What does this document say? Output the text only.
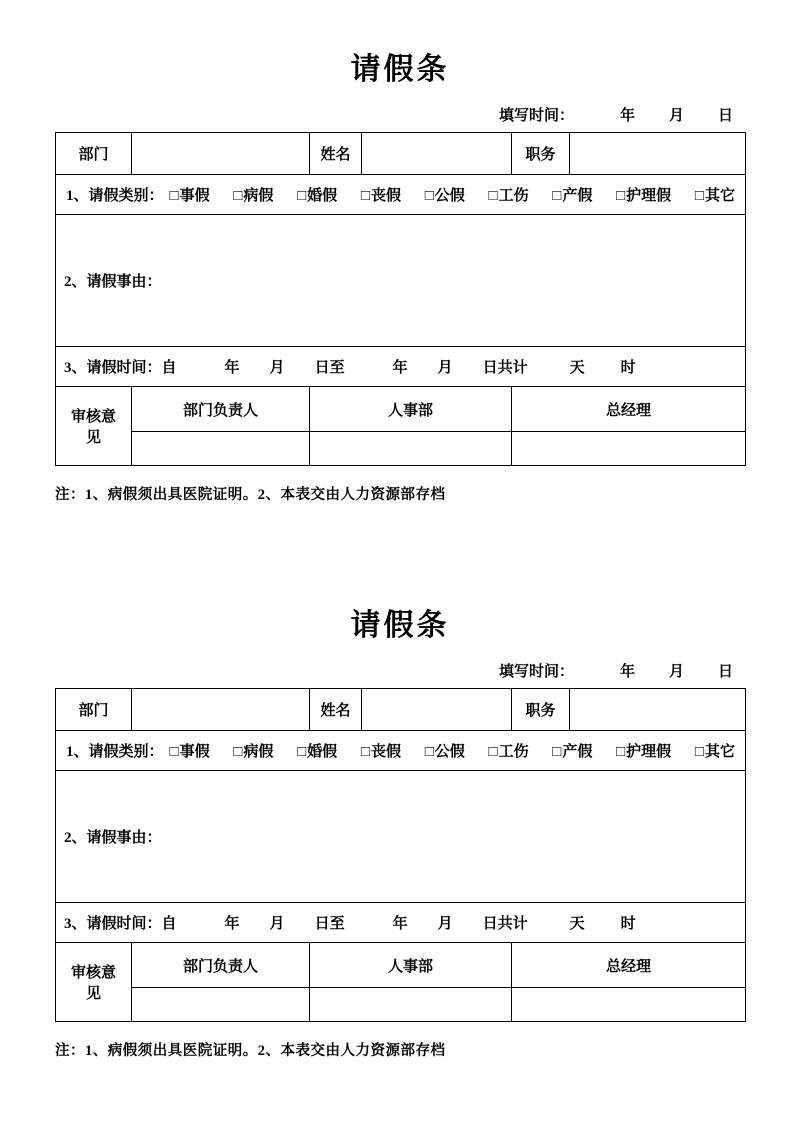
请假条
填写时间：	年 月 日
部门		姓名		职务	

1、请假类别： □事假 □病假 □婚假 □丧假 □公假 □工伤 □产假 □护理假 □其它

2、请假事由：					

3、请假时间： 自	年 月 日至	年 月 日共计	天 时

审核意见	部门负责人	人事部		总经理	

注：1、病假须出具医院证明。2、本表交由人力资源部存档

请假条
填写时间：	年 月 日
部门		姓名		职务	

1、请假类别： □事假 □病假 □婚假 □丧假 □公假 □工伤 □产假 □护理假 □其它

2、请假事由：					

3、请假时间： 自	年 月 日至	年 月 日共计	天 时

审核意见	部门负责人	人事部		总经理	

注：1、病假须出具医院证明。2、本表交由人力资源部存档
